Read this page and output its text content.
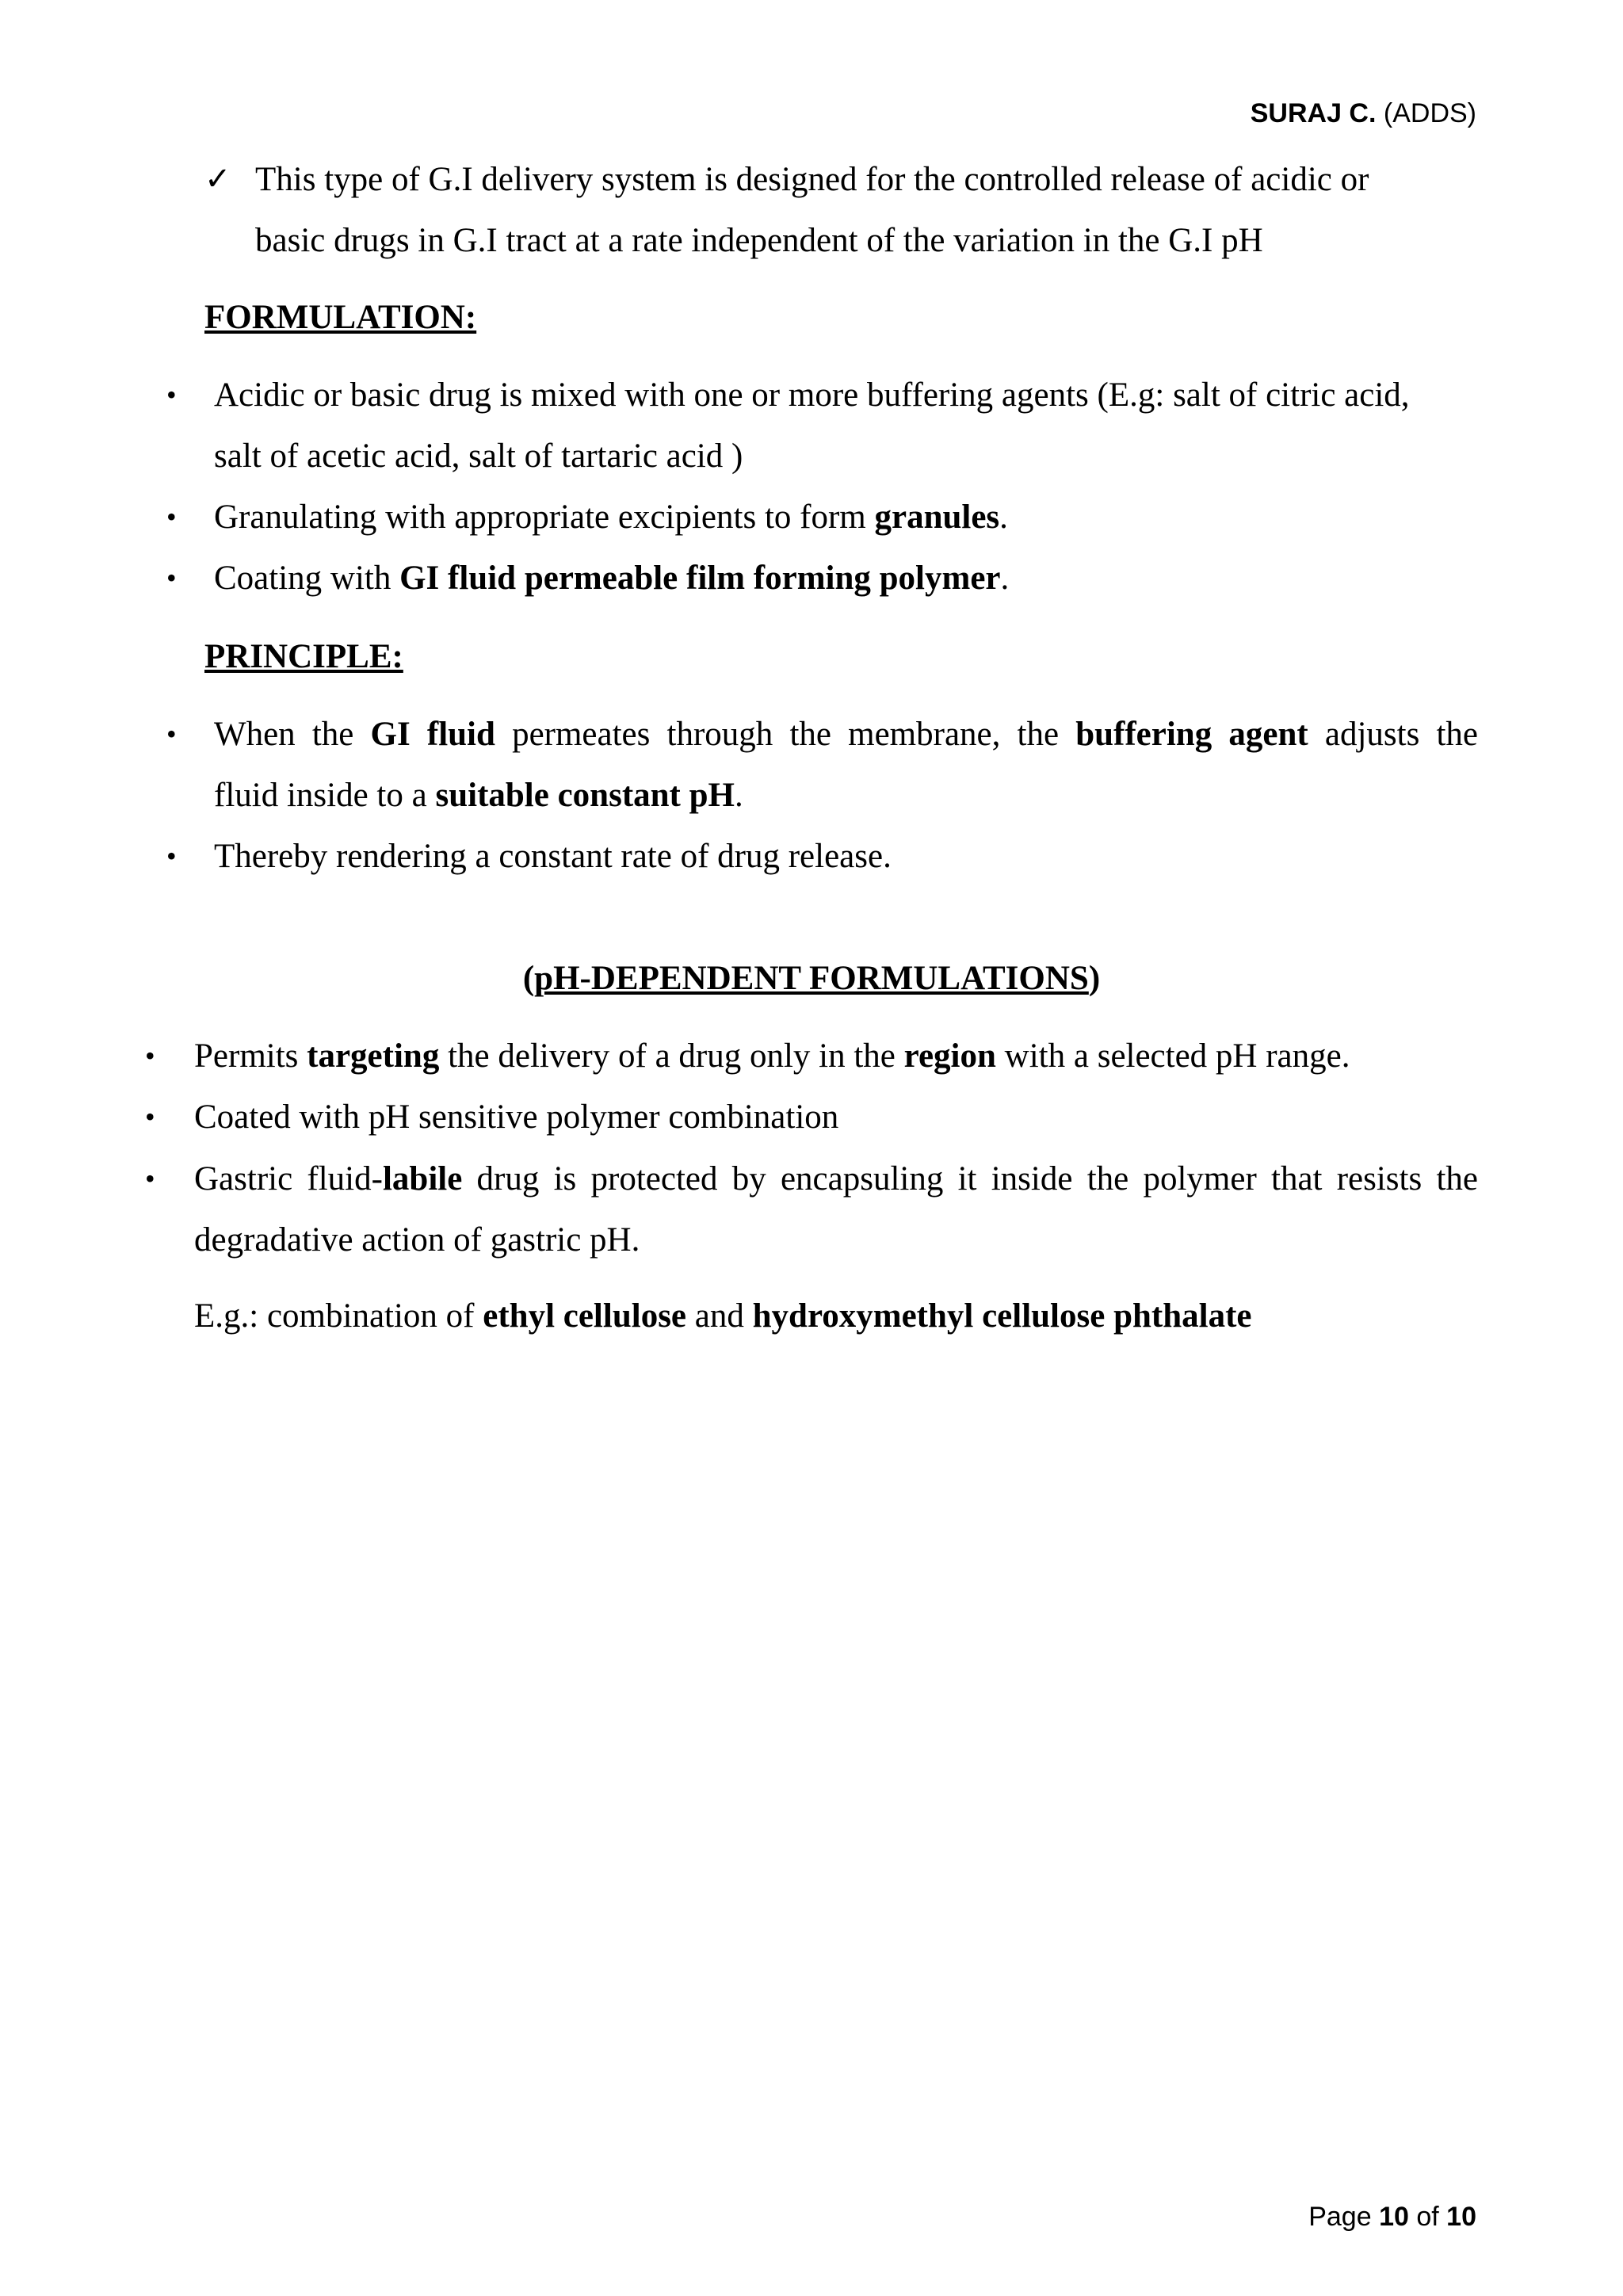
SURAJ C. (ADDS)
✓ This type of G.I delivery system is designed for the controlled release of acidic or
basic drugs in G.I tract at a rate independent of the variation in the G.I pH
FORMULATION:
• Acidic or basic drug is mixed with one or more buffering agents (E.g: salt of citric acid,
salt of acetic acid, salt of tartaric acid )
• Granulating with appropriate excipients to form granules.
• Coating with GI fluid permeable film forming polymer.
PRINCIPLE:
• When the GI fluid permeates through the membrane, the buffering agent adjusts the
fluid inside to a suitable constant pH.
• Thereby rendering a constant rate of drug release.
(pH-DEPENDENT FORMULATIONS)
• Permits targeting the delivery of a drug only in the region with a selected pH range.
• Coated with pH sensitive polymer combination
• Gastric fluid-labile drug is protected by encapsuling it inside the polymer that resists the
degradative action of gastric pH.
E.g.: combination of ethyl cellulose and hydroxymethyl cellulose phthalate
Page 10 of 10
